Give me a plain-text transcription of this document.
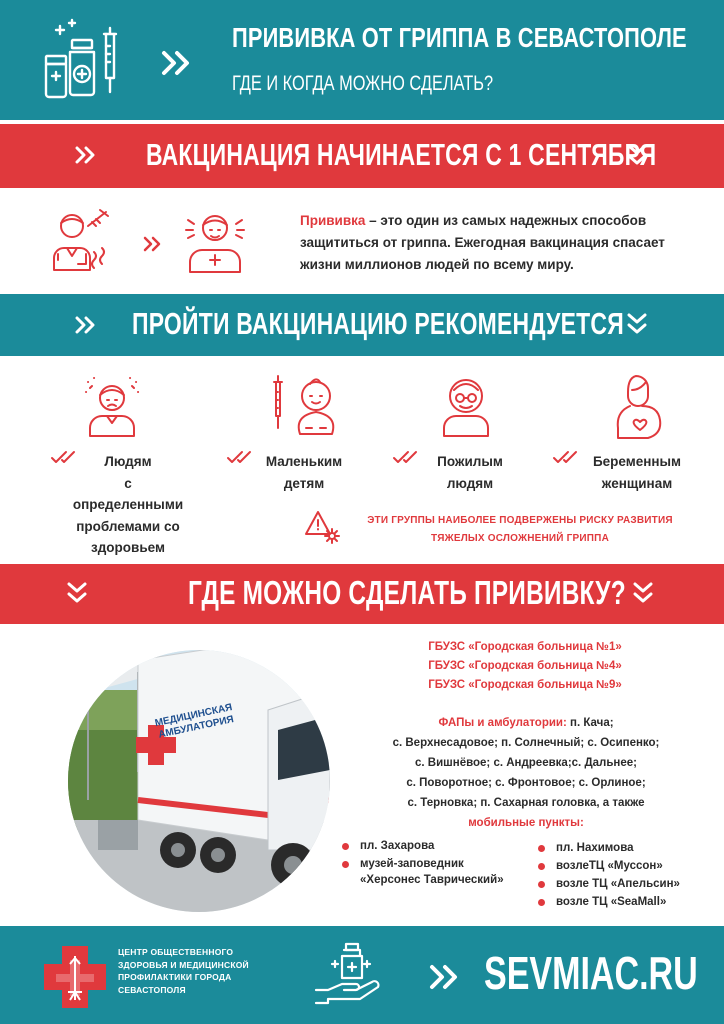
ПРИВИВКА ОТ ГРИППА В СЕВАСТОПОЛЕ
ГДЕ И КОГДА МОЖНО СДЕЛАТЬ?
ВАКЦИНАЦИЯ НАЧИНАЕТСЯ С 1 СЕНТЯБРЯ
Прививка – это один из самых надежных способов
защититься от гриппа. Ежегодная вакцинация спасает
жизни миллионов людей по всему миру.
ПРОЙТИ ВАКЦИНАЦИЮ РЕКОМЕНДУЕТСЯ
Людям
с определенными
проблемами со
здоровьем
Маленьким
детям
Пожилым
людям
Беременным
женщинам
ЭТИ ГРУППЫ НАИБОЛЕЕ ПОДВЕРЖЕНЫ РИСКУ РАЗВИТИЯ
ТЯЖЕЛЫХ ОСЛОЖНЕНИЙ ГРИППА
ГДЕ МОЖНО СДЕЛАТЬ ПРИВИВКУ?
МЕДИЦИНСКАЯ АМБУЛАТОРИЯ
ГБУЗС «Городская больница №1»
ГБУЗС «Городская больница №4»
ГБУЗС «Городская больница №9»
ФАПы и амбулатории: п. Кача;
с. Верхнесадовое; п. Солнечный; с. Осипенко;
с. Вишнёвое; с. Андреевка;с. Дальнее;
с. Поворотное; с. Фронтовое; с. Орлиное;
с. Терновка; п. Сахарная головка, а также
мобильные пункты:
пл. Захарова
музей-заповедник «Херсонес Таврический»
пл. Нахимова
возлеТЦ «Муссон»
возле ТЦ «Апельсин»
возле ТЦ «SeaMall»
ЦЕНТР ОБЩЕСТВЕННОГО
ЗДОРОВЬЯ И МЕДИЦИНСКОЙ
ПРОФИЛАКТИКИ ГОРОДА
СЕВАСТОПОЛЯ	SEVMIAC.RU
